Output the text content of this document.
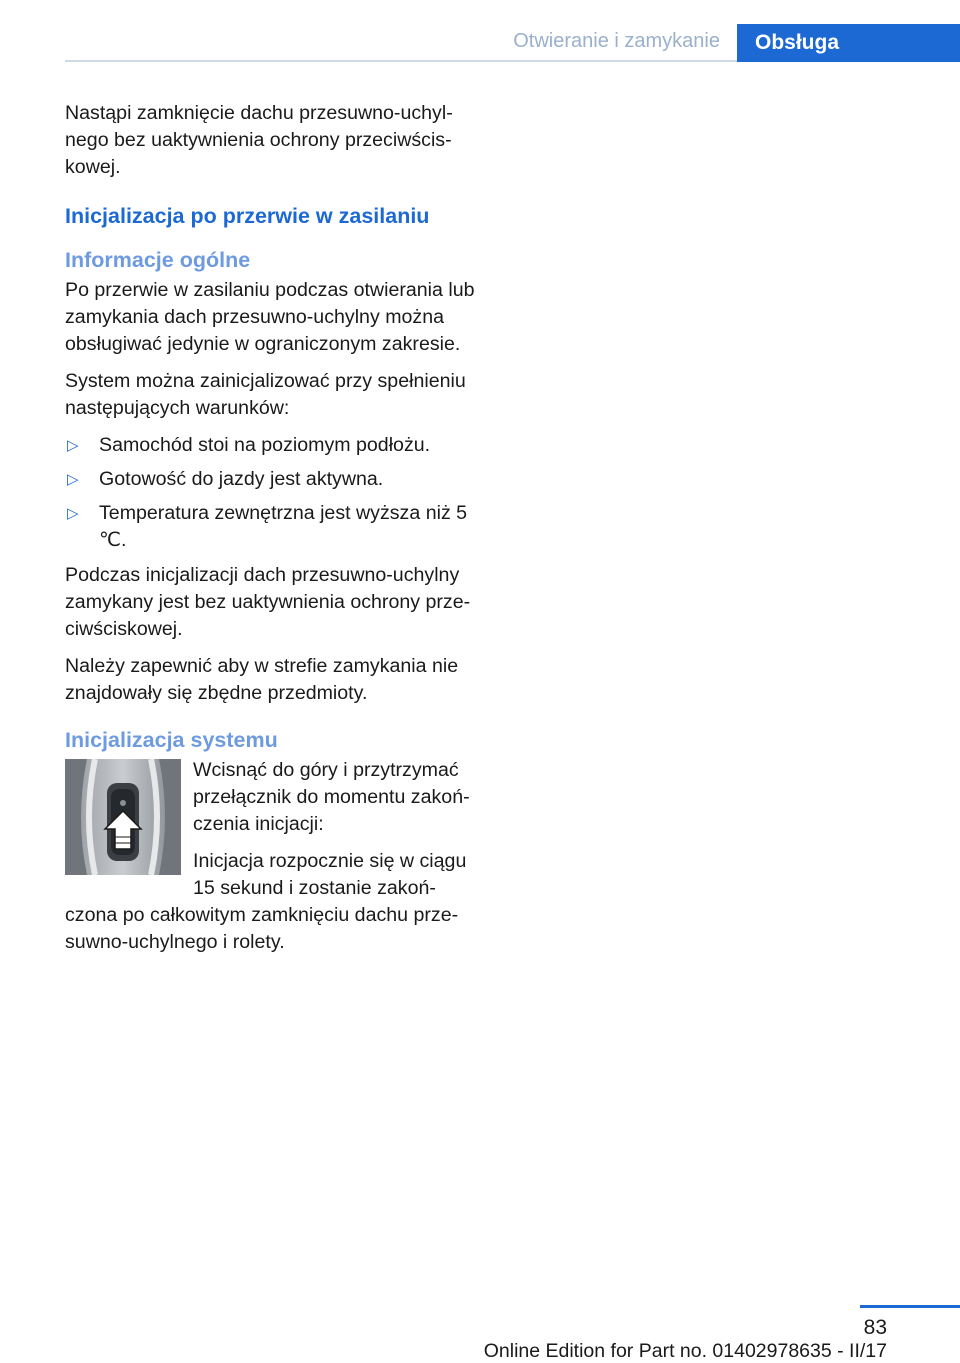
Otwieranie i zamykanie	Obsługa

Nastąpi zamknięcie dachu przesuwno-uchylnego bez uaktywnienia ochrony przeciwściskowej.

Inicjalizacja po przerwie w zasilaniu
Informacje ogólne

Po przerwie w zasilaniu podczas otwierania lub zamykania dach przesuwno-uchylny można obsługiwać jedynie w ograniczonym zakresie.

System można zainicjalizować przy spełnieniu następujących warunków:

▷ Samochód stoi na poziomym podłożu.
▷ Gotowość do jazdy jest aktywna.
▷ Temperatura zewnętrzna jest wyższa niż 5 ℃.

Podczas inicjalizacji dach przesuwno-uchylny zamykany jest bez uaktywnienia ochrony przeciwściskowej.

Należy zapewnić aby w strefie zamykania nie znajdowały się zbędne przedmioty.

Inicjalizacja systemu

Wcisnąć do góry i przytrzymać przełącznik do momentu zakończenia inicjacji:

Inicjacja rozpocznie się w ciągu 15 sekund i zostanie zakończona po całkowitym zamknięciu dachu przesuwno-uchylnego i rolety.

83
Online Edition for Part no. 01402978635 - II/17
